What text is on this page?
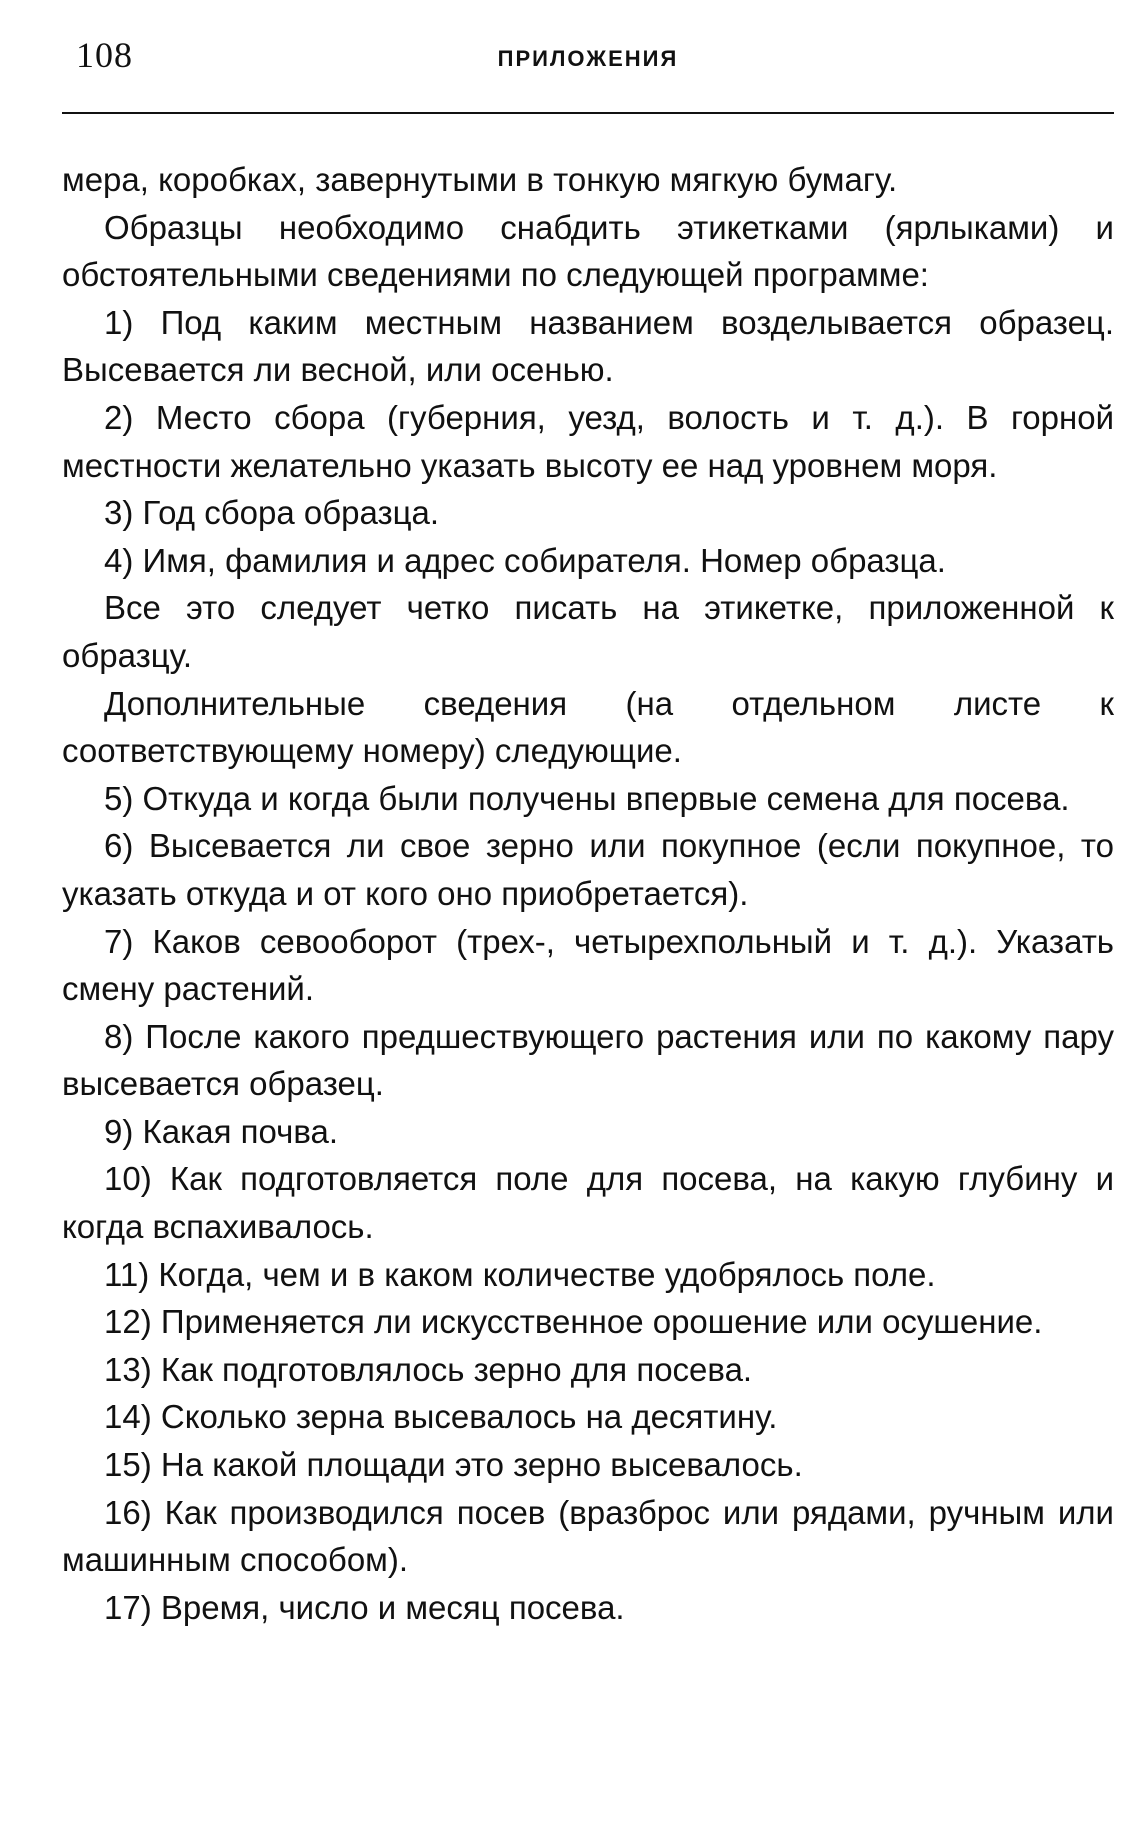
108	ПРИЛОЖЕНИЯ

мера, коробках, завернутыми в тонкую мягкую бумагу.

Образцы необходимо снабдить этикетками (ярлыками) и обстоятельными сведениями по следующей программе:

1) Под каким местным названием возделывается образец. Высевается ли весной, или осенью.

2) Место сбора (губерния, уезд, волость и т. д.). В горной местности желательно указать высоту ее над уровнем моря.

3) Год сбора образца.

4) Имя, фамилия и адрес собирателя. Номер образца.

Все это следует четко писать на этикетке, приложенной к образцу.

Дополнительные сведения (на отдельном листе к соответствующему номеру) следующие.

5) Откуда и когда были получены впервые семена для посева.

6) Высевается ли свое зерно или покупное (если покупное, то указать откуда и от кого оно приобретается).

7) Каков севооборот (трех-, четырехпольный и т. д.). Указать смену растений.

8) После какого предшествующего растения или по какому пару высевается образец.

9) Какая почва.

10) Как подготовляется поле для посева, на какую глубину и когда вспахивалось.

11) Когда, чем и в каком количестве удобрялось поле.

12) Применяется ли искусственное орошение или осушение.

13) Как подготовлялось зерно для посева.

14) Сколько зерна высевалось на десятину.

15) На какой площади это зерно высевалось.

16) Как производился посев (вразброс или рядами, ручным или машинным способом).

17) Время, число и месяц посева.
